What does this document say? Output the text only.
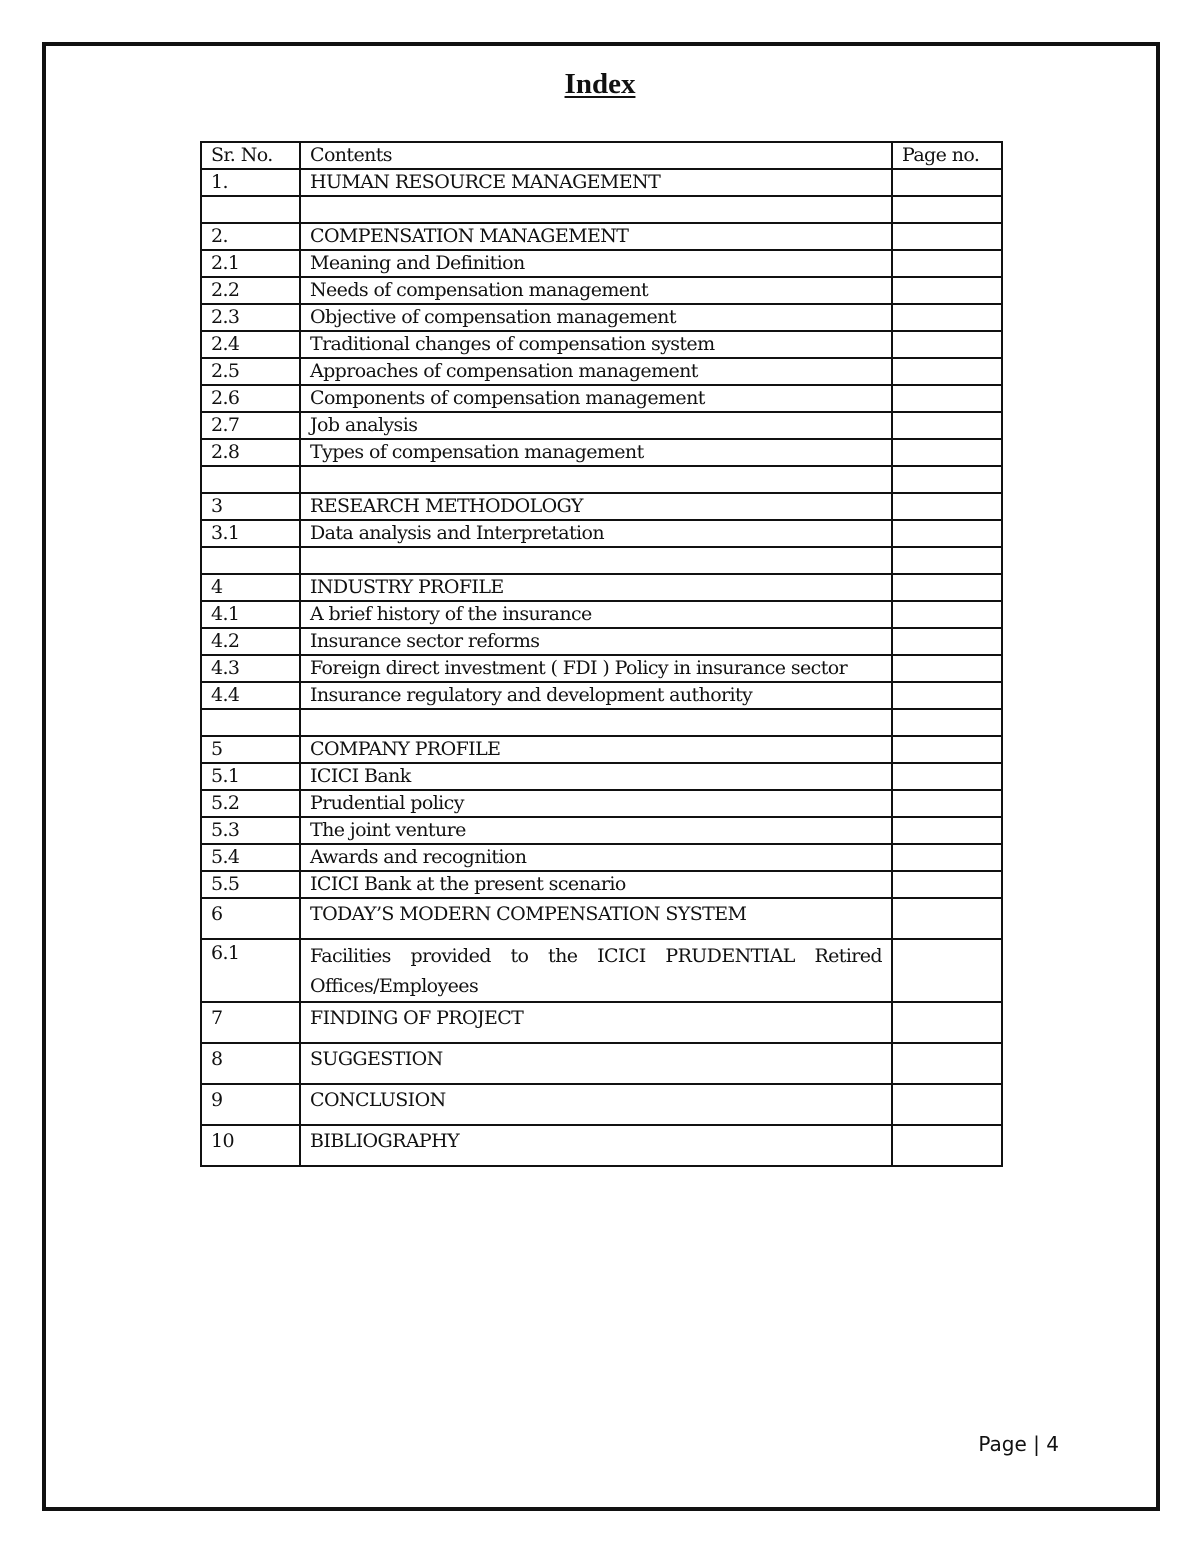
Index
Sr. No.	Contents	Page no.
1.	HUMAN RESOURCE MANAGEMENT	

2.	COMPENSATION MANAGEMENT	
2.1	Meaning and Definition	
2.2	Needs of compensation management	
2.3	Objective of compensation management	
2.4	Traditional changes of compensation system	
2.5	Approaches of compensation management	
2.6	Components of compensation management	
2.7	Job analysis	
2.8	Types of compensation management	

3	RESEARCH METHODOLOGY	
3.1	Data analysis and Interpretation	

4	INDUSTRY PROFILE	
4.1	A brief history of the insurance	
4.2	Insurance sector reforms	
4.3	Foreign direct investment ( FDI ) Policy in insurance sector	
4.4	Insurance regulatory and development authority	

5	COMPANY PROFILE	
5.1	ICICI Bank	
5.2	Prudential policy	
5.3	The joint venture	
5.4	Awards and recognition	
5.5	ICICI Bank at the present scenario	
6	TODAY’S MODERN COMPENSATION SYSTEM	
6.1	Facilities provided to the ICICI PRUDENTIAL Retired Offices/Employees	
7	FINDING OF PROJECT	
8	SUGGESTION	
9	CONCLUSION	
10	BIBLIOGRAPHY	
Page | 4
